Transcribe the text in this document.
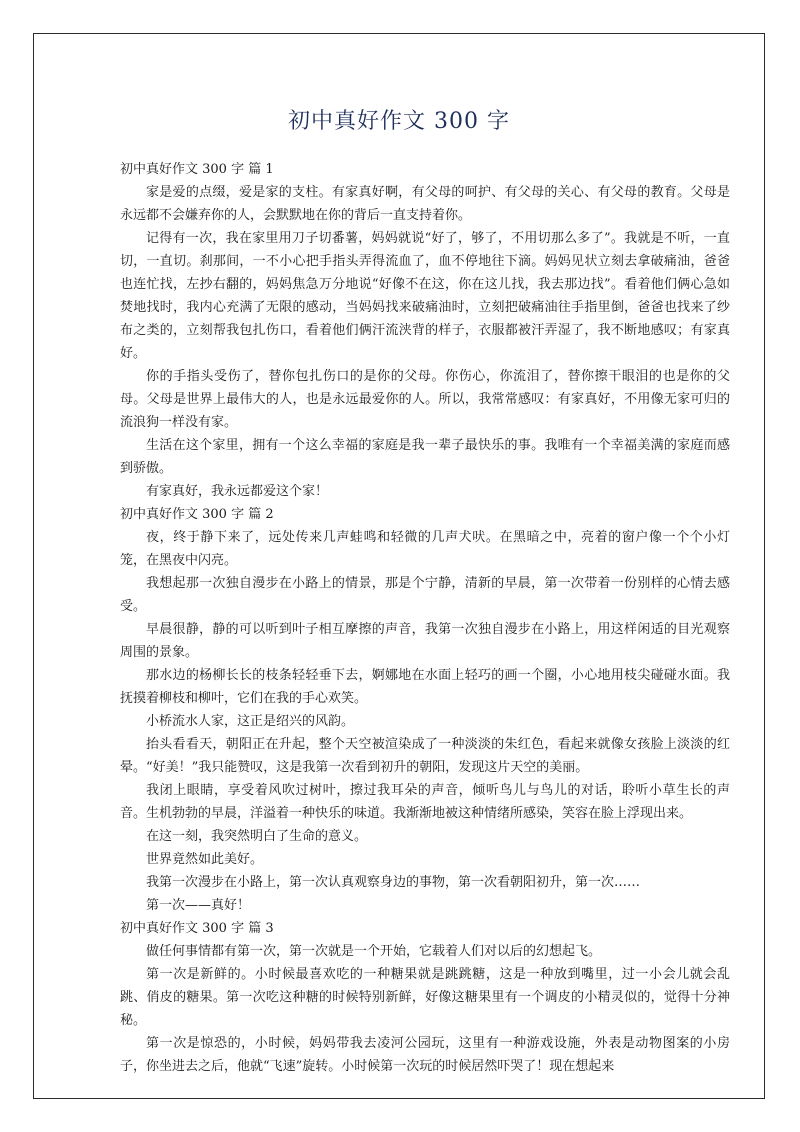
初中真好作文 300 字

初中真好作文 300 字 篇 1

家是爱的点缀，爱是家的支柱。有家真好啊，有父母的呵护、有父母的关心、有父母的教育。父母是永远都不会嫌弃你的人，会默默地在你的背后一直支持着你。

记得有一次，我在家里用刀子切番薯，妈妈就说“好了，够了，不用切那么多了”。我就是不听，一直切，一直切。刹那间，一不小心把手指头弄得流血了，血不停地往下滴。妈妈见状立刻去拿破痛油，爸爸也连忙找，左抄右翻的，妈妈焦急万分地说“好像不在这，你在这儿找，我去那边找”。看着他们俩心急如焚地找时，我内心充满了无限的感动，当妈妈找来破痛油时，立刻把破痛油往手指里倒，爸爸也找来了纱布之类的，立刻帮我包扎伤口，看着他们俩汗流浃背的样子，衣服都被汗弄湿了，我不断地感叹；有家真好。

你的手指头受伤了，替你包扎伤口的是你的父母。你伤心，你流泪了，替你擦干眼泪的也是你的父母。父母是世界上最伟大的人，也是永远最爱你的人。所以，我常常感叹：有家真好，不用像无家可归的流浪狗一样没有家。

生活在这个家里，拥有一个这么幸福的家庭是我一辈子最快乐的事。我唯有一个幸福美满的家庭而感到骄傲。

有家真好，我永远都爱这个家！

初中真好作文 300 字 篇 2

夜，终于静下来了，远处传来几声蛙鸣和轻微的几声犬吠。在黑暗之中，亮着的窗户像一个个小灯笼，在黑夜中闪亮。

我想起那一次独自漫步在小路上的情景，那是个宁静，清新的早晨，第一次带着一份别样的心情去感受。

早晨很静，静的可以听到叶子相互摩擦的声音，我第一次独自漫步在小路上，用这样闲适的目光观察周围的景象。

那水边的杨柳长长的枝条轻轻垂下去，婀娜地在水面上轻巧的画一个圈，小心地用枝尖碰碰水面。我抚摸着柳枝和柳叶，它们在我的手心欢笑。

小桥流水人家，这正是绍兴的风韵。

抬头看看天，朝阳正在升起，整个天空被渲染成了一种淡淡的朱红色，看起来就像女孩脸上淡淡的红晕。“好美！”我只能赞叹，这是我第一次看到初升的朝阳，发现这片天空的美丽。

我闭上眼睛，享受着风吹过树叶，擦过我耳朵的声音，倾听鸟儿与鸟儿的对话，聆听小草生长的声音。生机勃勃的早晨，洋溢着一种快乐的味道。我渐渐地被这种情绪所感染，笑容在脸上浮现出来。

在这一刻，我突然明白了生命的意义。

世界竟然如此美好。

我第一次漫步在小路上，第一次认真观察身边的事物，第一次看朝阳初升，第一次……

第一次——真好！

初中真好作文 300 字 篇 3

做任何事情都有第一次，第一次就是一个开始，它载着人们对以后的幻想起飞。

第一次是新鲜的。小时候最喜欢吃的一种糖果就是跳跳糖，这是一种放到嘴里，过一小会儿就会乱跳、俏皮的糖果。第一次吃这种糖的时候特别新鲜，好像这糖果里有一个调皮的小精灵似的，觉得十分神秘。

第一次是惊恐的，小时候，妈妈带我去凌河公园玩，这里有一种游戏设施，外表是动物图案的小房子，你坐进去之后，他就“飞速”旋转。小时候第一次玩的时候居然吓哭了！现在想起来
